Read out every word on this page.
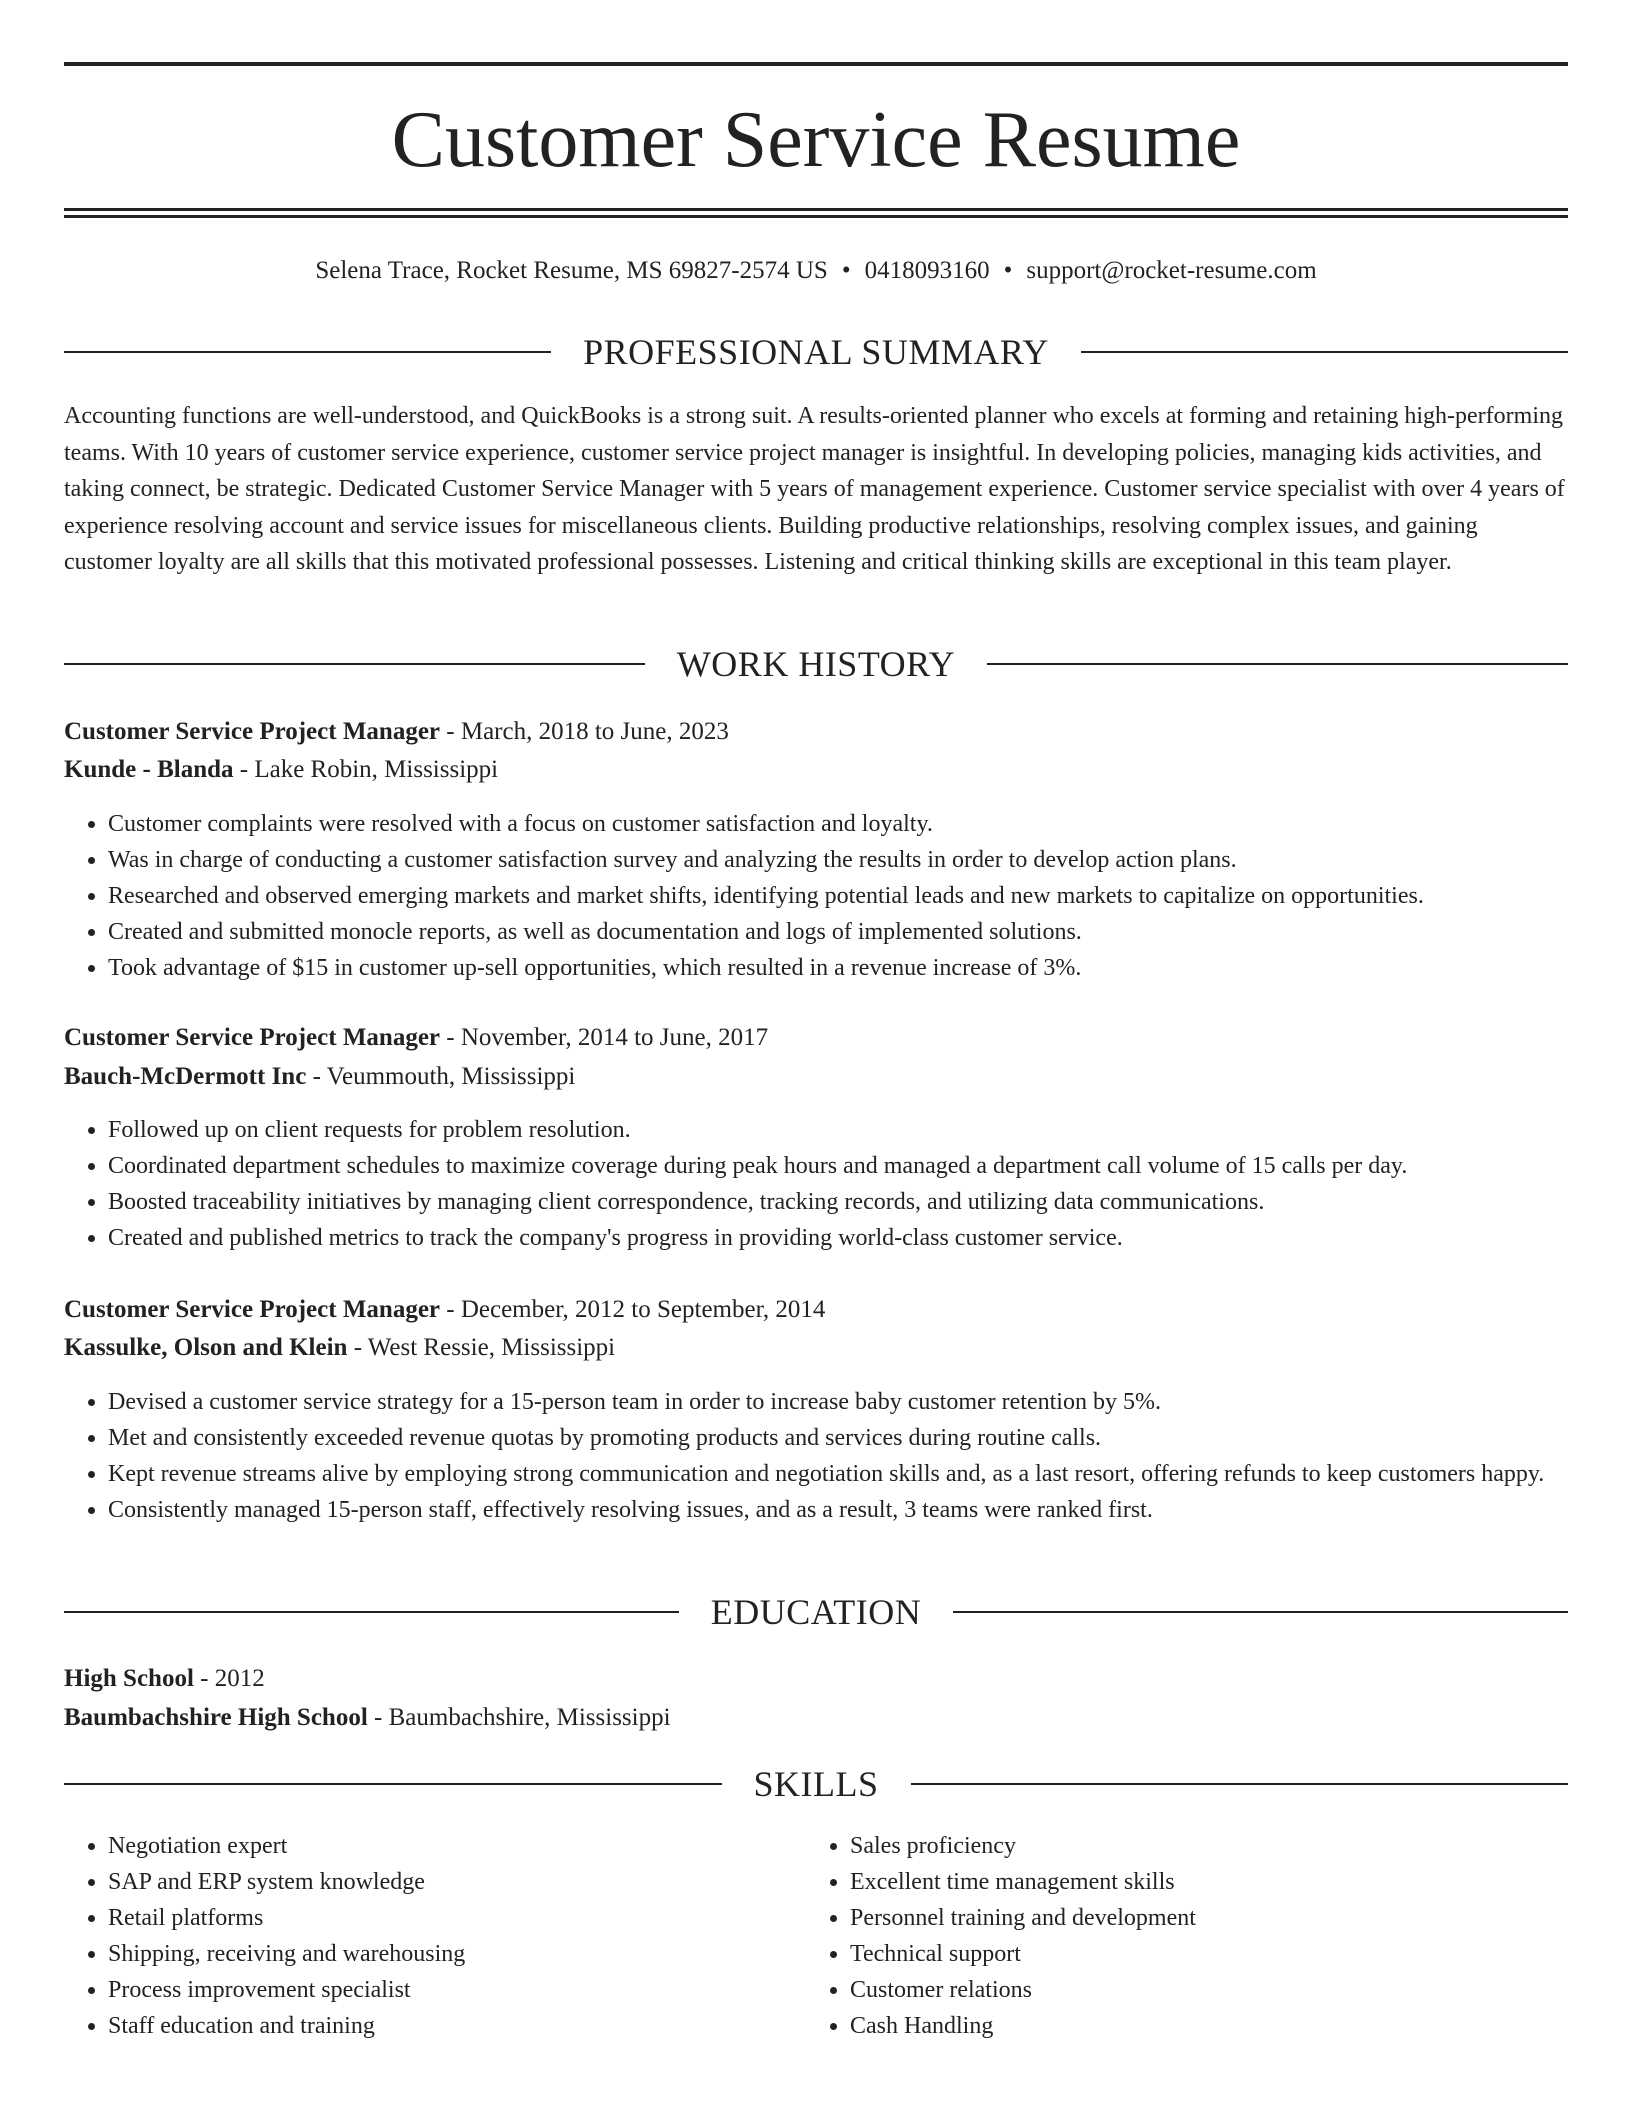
Customer Service Resume
Selena Trace, Rocket Resume, MS 69827-2574 US • 0418093160 • support@rocket-resume.com
PROFESSIONAL SUMMARY

Accounting functions are well-understood, and QuickBooks is a strong suit. A results-oriented planner who excels at forming and retaining high-performing teams. With 10 years of customer service experience, customer service project manager is insightful. In developing policies, managing kids activities, and taking connect, be strategic. Dedicated Customer Service Manager with 5 years of management experience. Customer service specialist with over 4 years of experience resolving account and service issues for miscellaneous clients. Building productive relationships, resolving complex issues, and gaining customer loyalty are all skills that this motivated professional possesses. Listening and critical thinking skills are exceptional in this team player.

WORK HISTORY
Customer Service Project Manager - March, 2018 to June, 2023
Kunde - Blanda - Lake Robin, Mississippi
• Customer complaints were resolved with a focus on customer satisfaction and loyalty.
• Was in charge of conducting a customer satisfaction survey and analyzing the results in order to develop action plans.
• Researched and observed emerging markets and market shifts, identifying potential leads and new markets to capitalize on opportunities.
• Created and submitted monocle reports, as well as documentation and logs of implemented solutions.
• Took advantage of $15 in customer up-sell opportunities, which resulted in a revenue increase of 3%.
Customer Service Project Manager - November, 2014 to June, 2017
Bauch-McDermott Inc - Veummouth, Mississippi
• Followed up on client requests for problem resolution.
• Coordinated department schedules to maximize coverage during peak hours and managed a department call volume of 15 calls per day.
• Boosted traceability initiatives by managing client correspondence, tracking records, and utilizing data communications.
• Created and published metrics to track the company's progress in providing world-class customer service.
Customer Service Project Manager - December, 2012 to September, 2014
Kassulke, Olson and Klein - West Ressie, Mississippi
• Devised a customer service strategy for a 15-person team in order to increase baby customer retention by 5%.
• Met and consistently exceeded revenue quotas by promoting products and services during routine calls.
• Kept revenue streams alive by employing strong communication and negotiation skills and, as a last resort, offering refunds to keep customers happy.
• Consistently managed 15-person staff, effectively resolving issues, and as a result, 3 teams were ranked first.
EDUCATION
High School - 2012
Baumbachshire High School - Baumbachshire, Mississippi
SKILLS
• Negotiation expert
• SAP and ERP system knowledge
• Retail platforms
• Shipping, receiving and warehousing
• Process improvement specialist
• Staff education and training
• Sales proficiency
• Excellent time management skills
• Personnel training and development
• Technical support
• Customer relations
• Cash Handling
